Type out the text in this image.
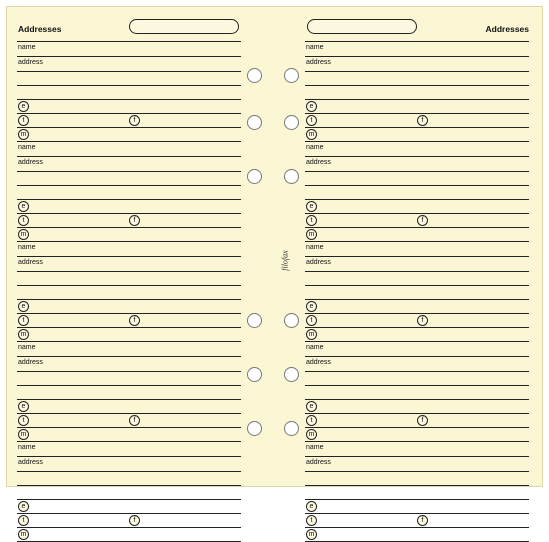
Addresses
name
address
e
t	f
m
name
address
e
t	f
m
name
address
e
t	f
m
name
address
e
t	f
m
name
address
e
t	f
m
Addresses
name
address
e
t	f
m
name
address
e
t	f
m
name
address
e
t	f
m
name
address
e
t	f
m
name
address
e
t	f
m
filofax
